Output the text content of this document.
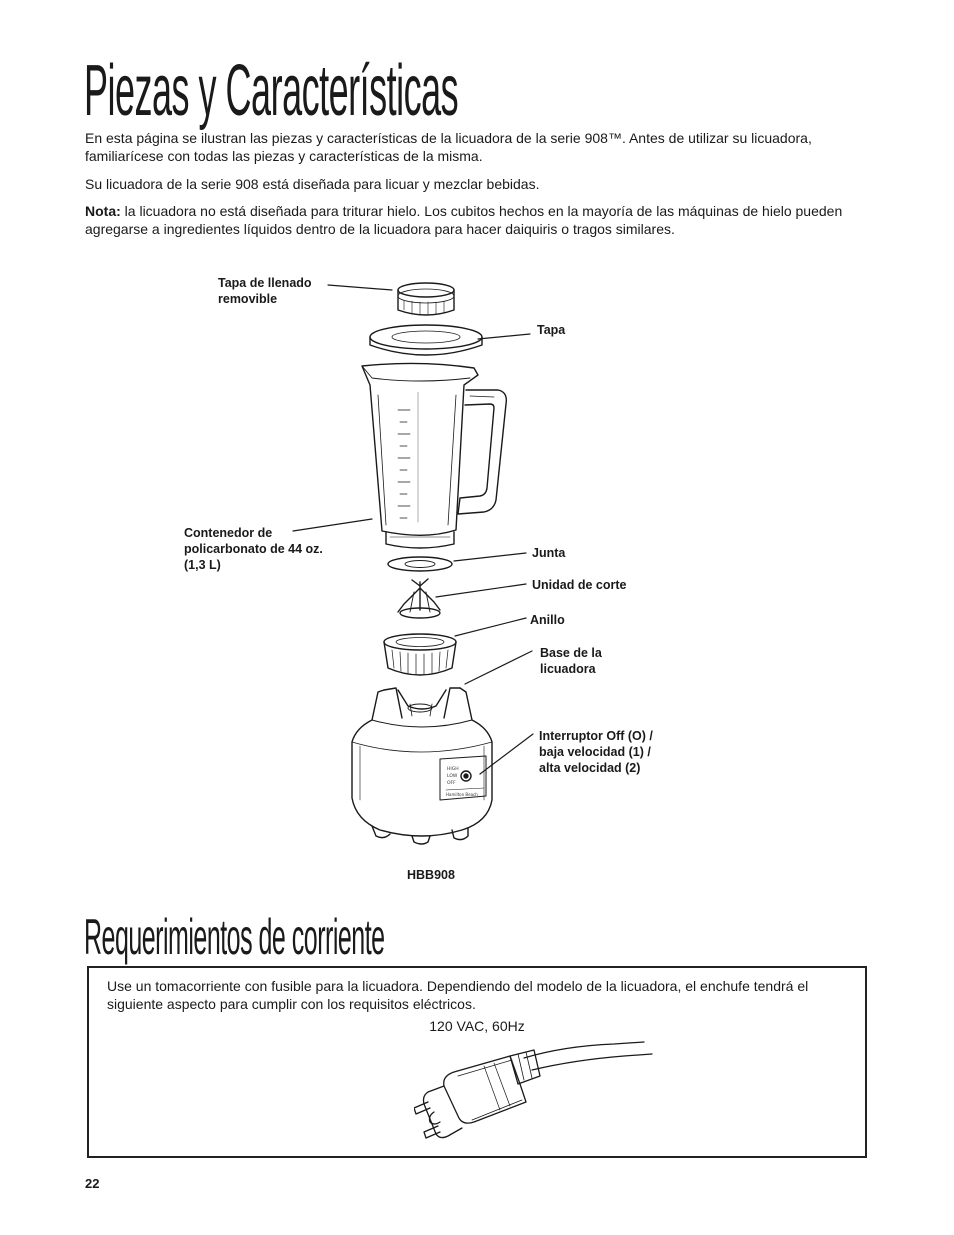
Piezas y Características

En esta página se ilustran las piezas y características de la licuadora de la serie 908™. Antes de utilizar su licuadora, familiarícese con todas las piezas y características de la misma.

Su licuadora de la serie 908 está diseñada para licuar y mezclar bebidas.

Nota: la licuadora no está diseñada para triturar hielo. Los cubitos hechos en la mayoría de las máquinas de hielo pueden agregarse a ingredientes líquidos dentro de la licuadora para hacer daiquiris o tragos similares.

HIGH
LOW
OFF
Hamilton Beach

Tapa de llenado
removible

Tapa

Contenedor de
policarbonato de 44 oz.
(1,3 L)

Junta

Unidad de corte

Anillo

Base de la
licuadora

Interruptor Off (O) /
baja velocidad (1) /
alta velocidad (2)

HBB908

Requerimientos de corriente

Use un tomacorriente con fusible para la licuadora. Dependiendo del modelo de la licuadora, el enchufe tendrá el siguiente aspecto para cumplir con los requisitos eléctricos.

120 VAC, 60Hz

22
